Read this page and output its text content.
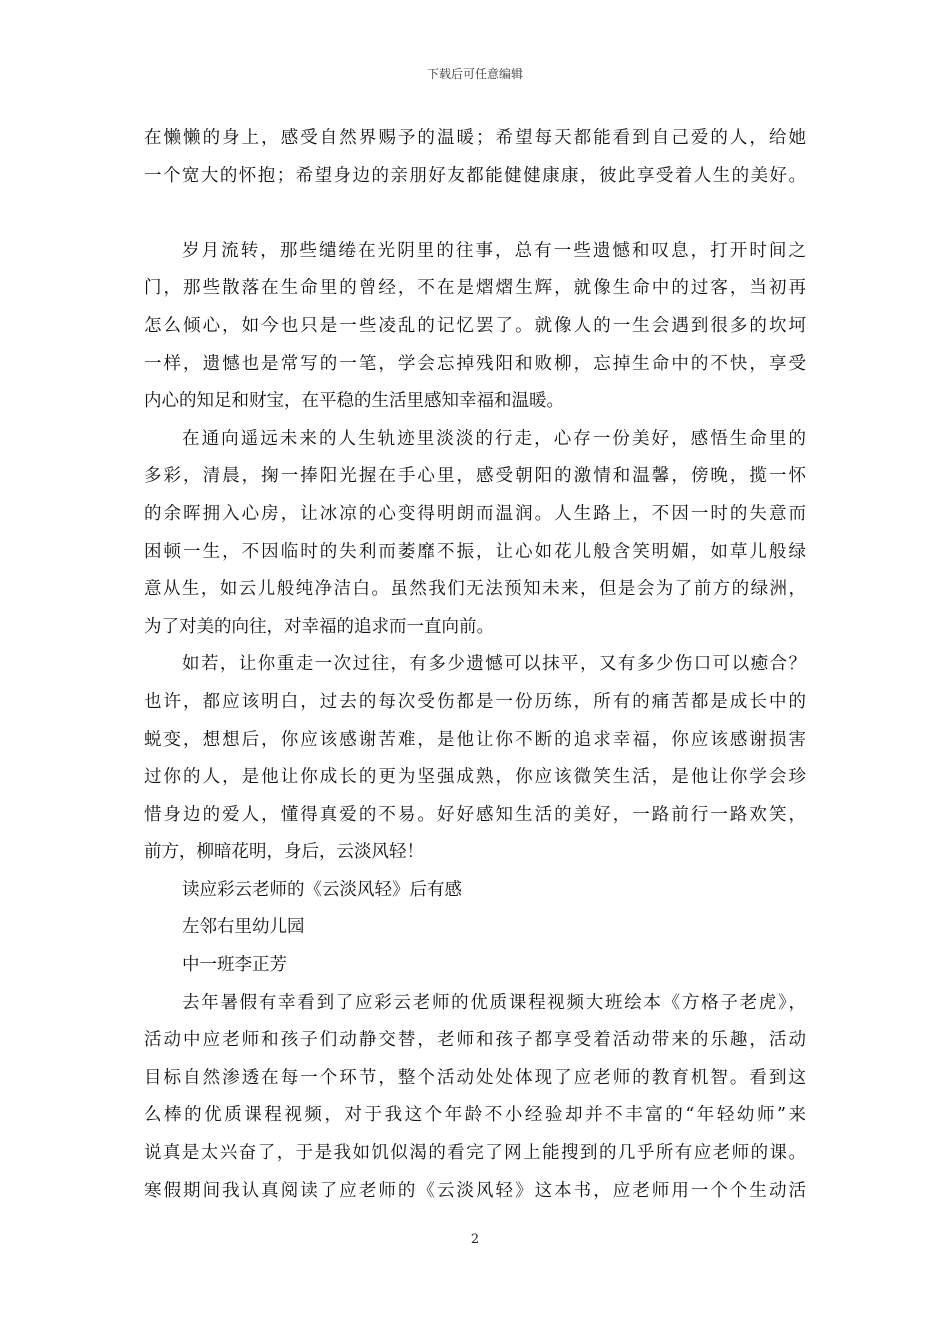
下载后可任意编辑
在懒懒的身上，感受自然界赐予的温暖；希望每天都能看到自己爱的人，给她
一个宽大的怀抱；希望身边的亲朋好友都能健健康康，彼此享受着人生的美好。
岁月流转，那些缱绻在光阴里的往事，总有一些遗憾和叹息，打开时间之
门，那些散落在生命里的曾经，不在是熠熠生辉，就像生命中的过客，当初再
怎么倾心，如今也只是一些凌乱的记忆罢了。就像人的一生会遇到很多的坎坷
一样，遗憾也是常写的一笔，学会忘掉残阳和败柳，忘掉生命中的不快，享受
内心的知足和财宝，在平稳的生活里感知幸福和温暖。
在通向遥远未来的人生轨迹里淡淡的行走，心存一份美好，感悟生命里的
多彩，清晨，掬一捧阳光握在手心里，感受朝阳的激情和温馨，傍晚，揽一怀
的余晖拥入心房，让冰凉的心变得明朗而温润。人生路上，不因一时的失意而
困顿一生，不因临时的失利而萎靡不振，让心如花儿般含笑明媚，如草儿般绿
意从生，如云儿般纯净洁白。虽然我们无法预知未来，但是会为了前方的绿洲，
为了对美的向往，对幸福的追求而一直向前。
如若，让你重走一次过往，有多少遗憾可以抹平，又有多少伤口可以癒合？
也许，都应该明白，过去的每次受伤都是一份历练，所有的痛苦都是成长中的
蜕变，想想后，你应该感谢苦难，是他让你不断的追求幸福，你应该感谢损害
过你的人，是他让你成长的更为坚强成熟，你应该微笑生活，是他让你学会珍
惜身边的爱人，懂得真爱的不易。好好感知生活的美好，一路前行一路欢笑，
前方，柳暗花明，身后，云淡风轻！
读应彩云老师的《云淡风轻》后有感
左邻右里幼儿园
中一班李正芳
去年暑假有幸看到了应彩云老师的优质课程视频大班绘本《方格子老虎》，
活动中应老师和孩子们动静交替，老师和孩子都享受着活动带来的乐趣，活动
目标自然渗透在每一个环节，整个活动处处体现了应老师的教育机智。看到这
么棒的优质课程视频，对于我这个年龄不小经验却并不丰富的“年轻幼师”来
说真是太兴奋了，于是我如饥似渴的看完了网上能搜到的几乎所有应老师的课。
寒假期间我认真阅读了应老师的《云淡风轻》这本书，应老师用一个个生动活
2
